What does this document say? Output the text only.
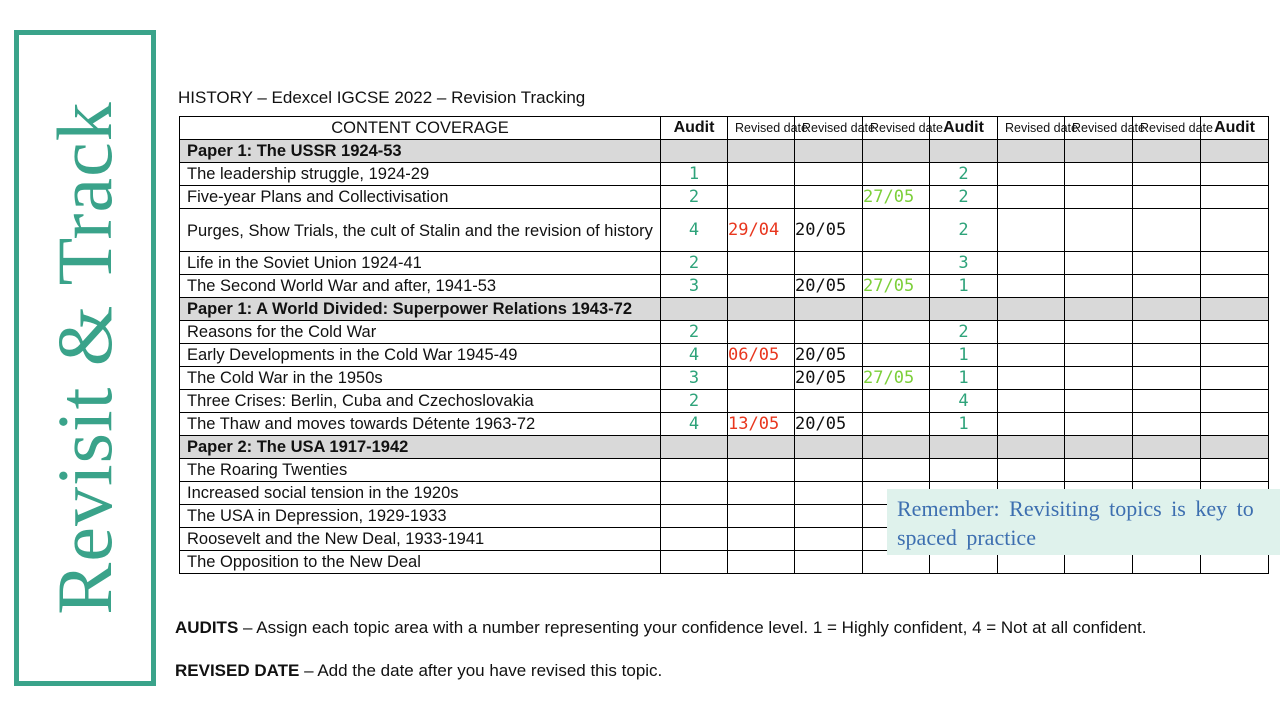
Revisit & Track
HISTORY – Edexcel IGCSE 2022 – Revision Tracking
CONTENT COVERAGE	Audit	Revised date	Revised date	Revised date	Audit	Revised date	Revised date	Revised date	Audit
Paper 1: The USSR 1924-53									
The leadership struggle, 1924-29	1				2				
Five-year Plans and Collectivisation	2			27/05	2				
Purges, Show Trials, the cult of Stalin and the revision of history	4	29/04	20/05		2				
Life in the Soviet Union 1924-41	2				3				
The Second World War and after, 1941-53	3		20/05	27/05	1				
Paper 1: A World Divided: Superpower Relations 1943-72									
Reasons for the Cold War	2				2				
Early Developments in the Cold War 1945-49	4	06/05	20/05		1				
The Cold War in the 1950s	3		20/05	27/05	1				
Three Crises: Berlin, Cuba and Czechoslovakia	2				4				
The Thaw and moves towards Détente 1963-72	4	13/05	20/05		1				
Paper 2: The USA 1917-1942									
The Roaring Twenties									
Increased social tension in the 1920s									
The USA in Depression, 1929-1933									
Roosevelt and the New Deal, 1933-1941									
The Opposition to the New Deal									
Remember: Revisiting topics is key to spaced practice
AUDITS – Assign each topic area with a number representing your confidence level. 1 = Highly confident, 4 = Not at all confident.
REVISED DATE – Add the date after you have revised this topic.
